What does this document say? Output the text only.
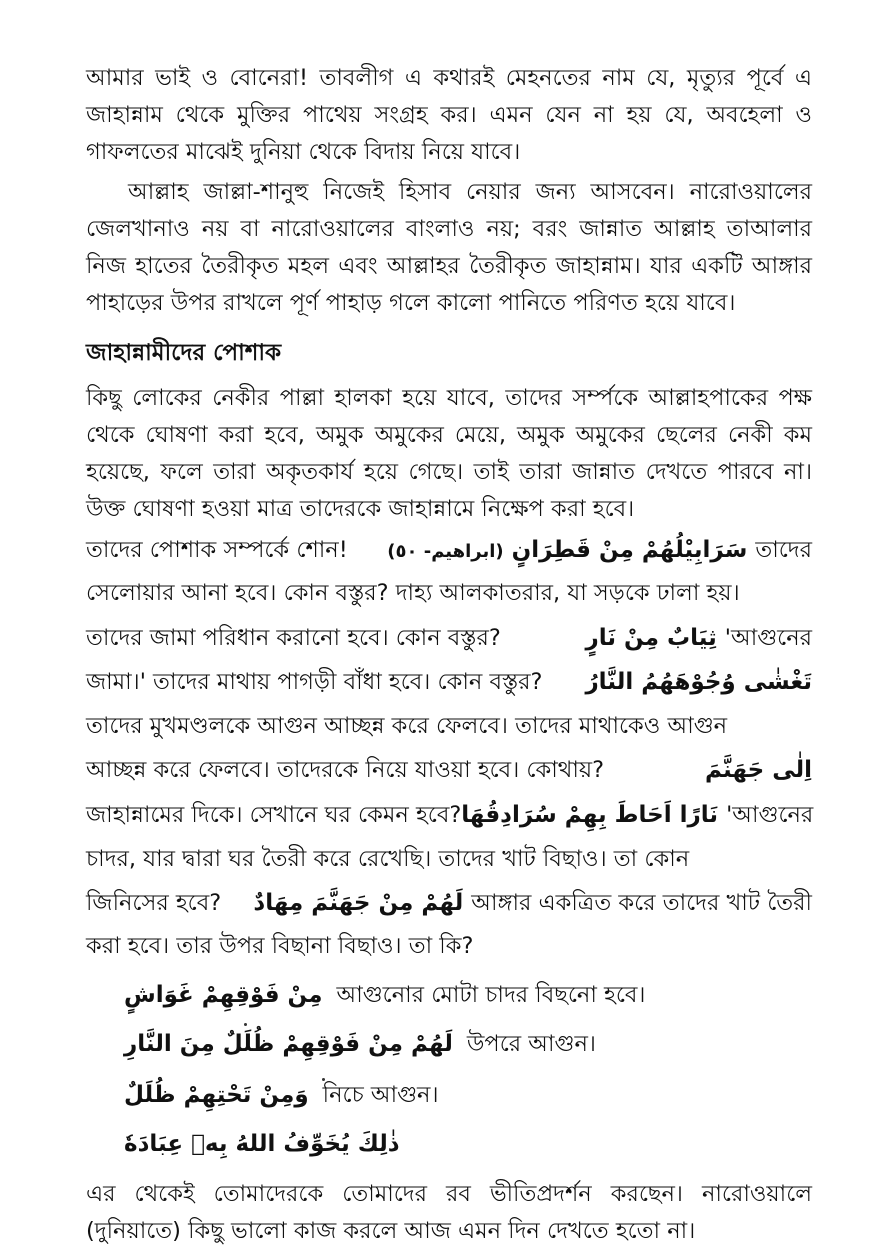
আমার ভাই ও বোনেরা! তাবলীগ এ কথারই মেহনতের নাম যে, মৃত্যুর পূর্বে এ জাহান্নাম থেকে মুক্তির পাথেয় সংগ্রহ কর। এমন যেন না হয় যে, অবহেলা ও গাফলতের মাঝেই দুনিয়া থেকে বিদায় নিয়ে যাবে।

আল্লাহ জাল্লা-শানুহু নিজেই হিসাব নেয়ার জন্য আসবেন। নারোওয়ালের জেলখানাও নয় বা নারোওয়ালের বাংলাও নয়; বরং জান্নাত আল্লাহ তাআলার নিজ হাতের তৈরীকৃত মহল এবং আল্লাহর তৈরীকৃত জাহান্নাম। যার একটি আঙ্গার পাহাড়ের উপর রাখলে পূর্ণ পাহাড় গলে কালো পানিতে পরিণত হয়ে যাবে।

জাহান্নামীদের পোশাক

কিছু লোকের নেকীর পাল্লা হালকা হয়ে যাবে, তাদের সর্ম্পকে আল্লাহপাকের পক্ষ থেকে ঘোষণা করা হবে, অমুক অমুকের মেয়ে, অমুক অমুকের ছেলের নেকী কম হয়েছে, ফলে তারা অকৃতকার্য হয়ে গেছে। তাই তারা জান্নাত দেখতে পারবে না। উক্ত ঘোষণা হওয়া মাত্র তাদেরকে জাহান্নামে নিক্ষেপ করা হবে।

তাদের পোশাক সম্পর্কে শোন! (ابراهيم- ٥٠) سَرَابِيْلُهُمْ مِنْ قَطِرَانٍ তাদের
সেলোয়ার আনা হবে। কোন বস্তুর? দাহ্য আলকাতরার, যা সড়কে ঢালা হয়।
তাদের জামা পরিধান করানো হবে। কোন বস্তুর?	ثِيَابٌ مِنْ نَارٍ 'আগুনের
জামা।' তাদের মাথায় পাগড়ী বাঁধা হবে। কোন বস্তুর? تَغْشٰى وُجُوْهَهُمُ النَّارُ
তাদের মুখমণ্ডলকে আগুন আচ্ছন্ন করে ফেলবে। তাদের মাথাকেও আগুন
আচ্ছন্ন করে ফেলবে। তাদেরকে নিয়ে যাওয়া হবে। কোথায়?	اِلٰى جَهَنَّمَ
জাহান্নামের দিকে। সেখানে ঘর কেমন হবে? نَارًا اَحَاطَ بِهِمْ سُرَادِقُهَا 'আগুনের
চাদর, যার দ্বারা ঘর তৈরী করে রেখেছি। তাদের খাট বিছাও। তা কোন
জিনিসের হবে? لَهُمْ مِنْ جَهَنَّمَ مِهَادٌ আঙ্গার একত্রিত করে তাদের খাট তৈরী
করা হবে। তার উপর বিছানা বিছাও। তা কি?
مِنْ فَوْقِهِمْ غَوَاشٍ আগুনোর মোটা চাদর বিছনো হবে।
لَهُمْ مِنْ فَوْقِهِمْ ظُلَلٌ مِنَ النَّارِ উপরে আগুন।
وَمِنْ تَحْتِهِمْ ظُلَلٌ নিচে আগুন।
ذٰلِكَ يُخَوِّفُ اللهُ بِهٖ عِبَادَهٗ

এর থেকেই তোমাদেরকে তোমাদের রব ভীতিপ্রদর্শন করছেন। নারোওয়ালে (দুনিয়াতে) কিছু ভালো কাজ করলে আজ এমন দিন দেখতে হতো না।
